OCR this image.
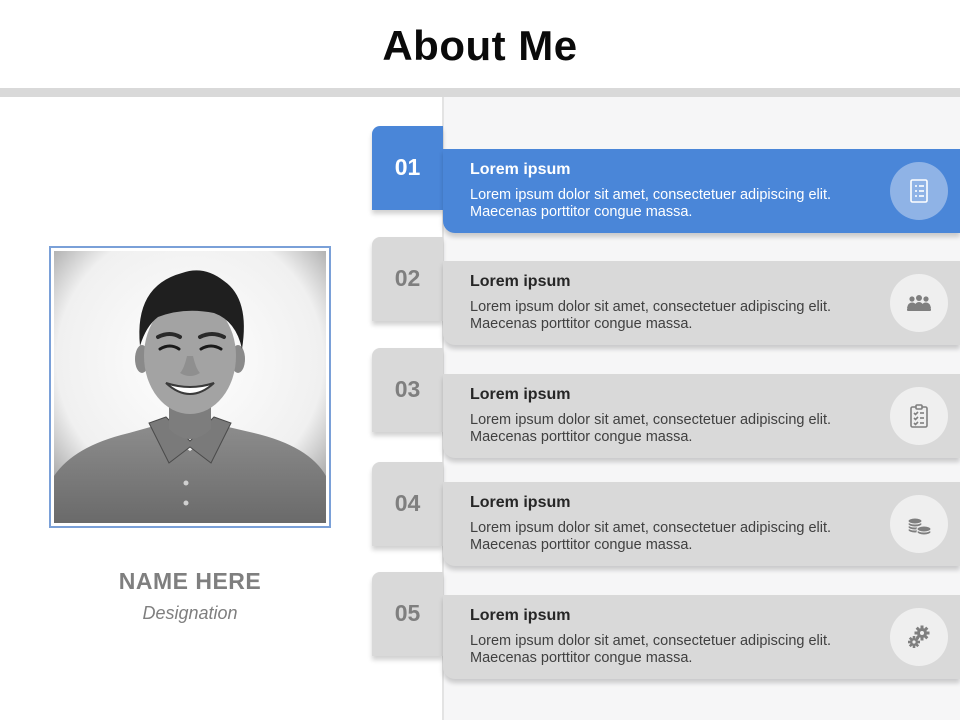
About Me
NAME HERE
Designation
01	Lorem ipsum
Lorem ipsum dolor sit amet, consectetuer adipiscing elit. Maecenas porttitor congue massa.
02	Lorem ipsum
Lorem ipsum dolor sit amet, consectetuer adipiscing elit. Maecenas porttitor congue massa.
03	Lorem ipsum
Lorem ipsum dolor sit amet, consectetuer adipiscing elit. Maecenas porttitor congue massa.
04	Lorem ipsum
Lorem ipsum dolor sit amet, consectetuer adipiscing elit. Maecenas porttitor congue massa.
05	Lorem ipsum
Lorem ipsum dolor sit amet, consectetuer adipiscing elit. Maecenas porttitor congue massa.
